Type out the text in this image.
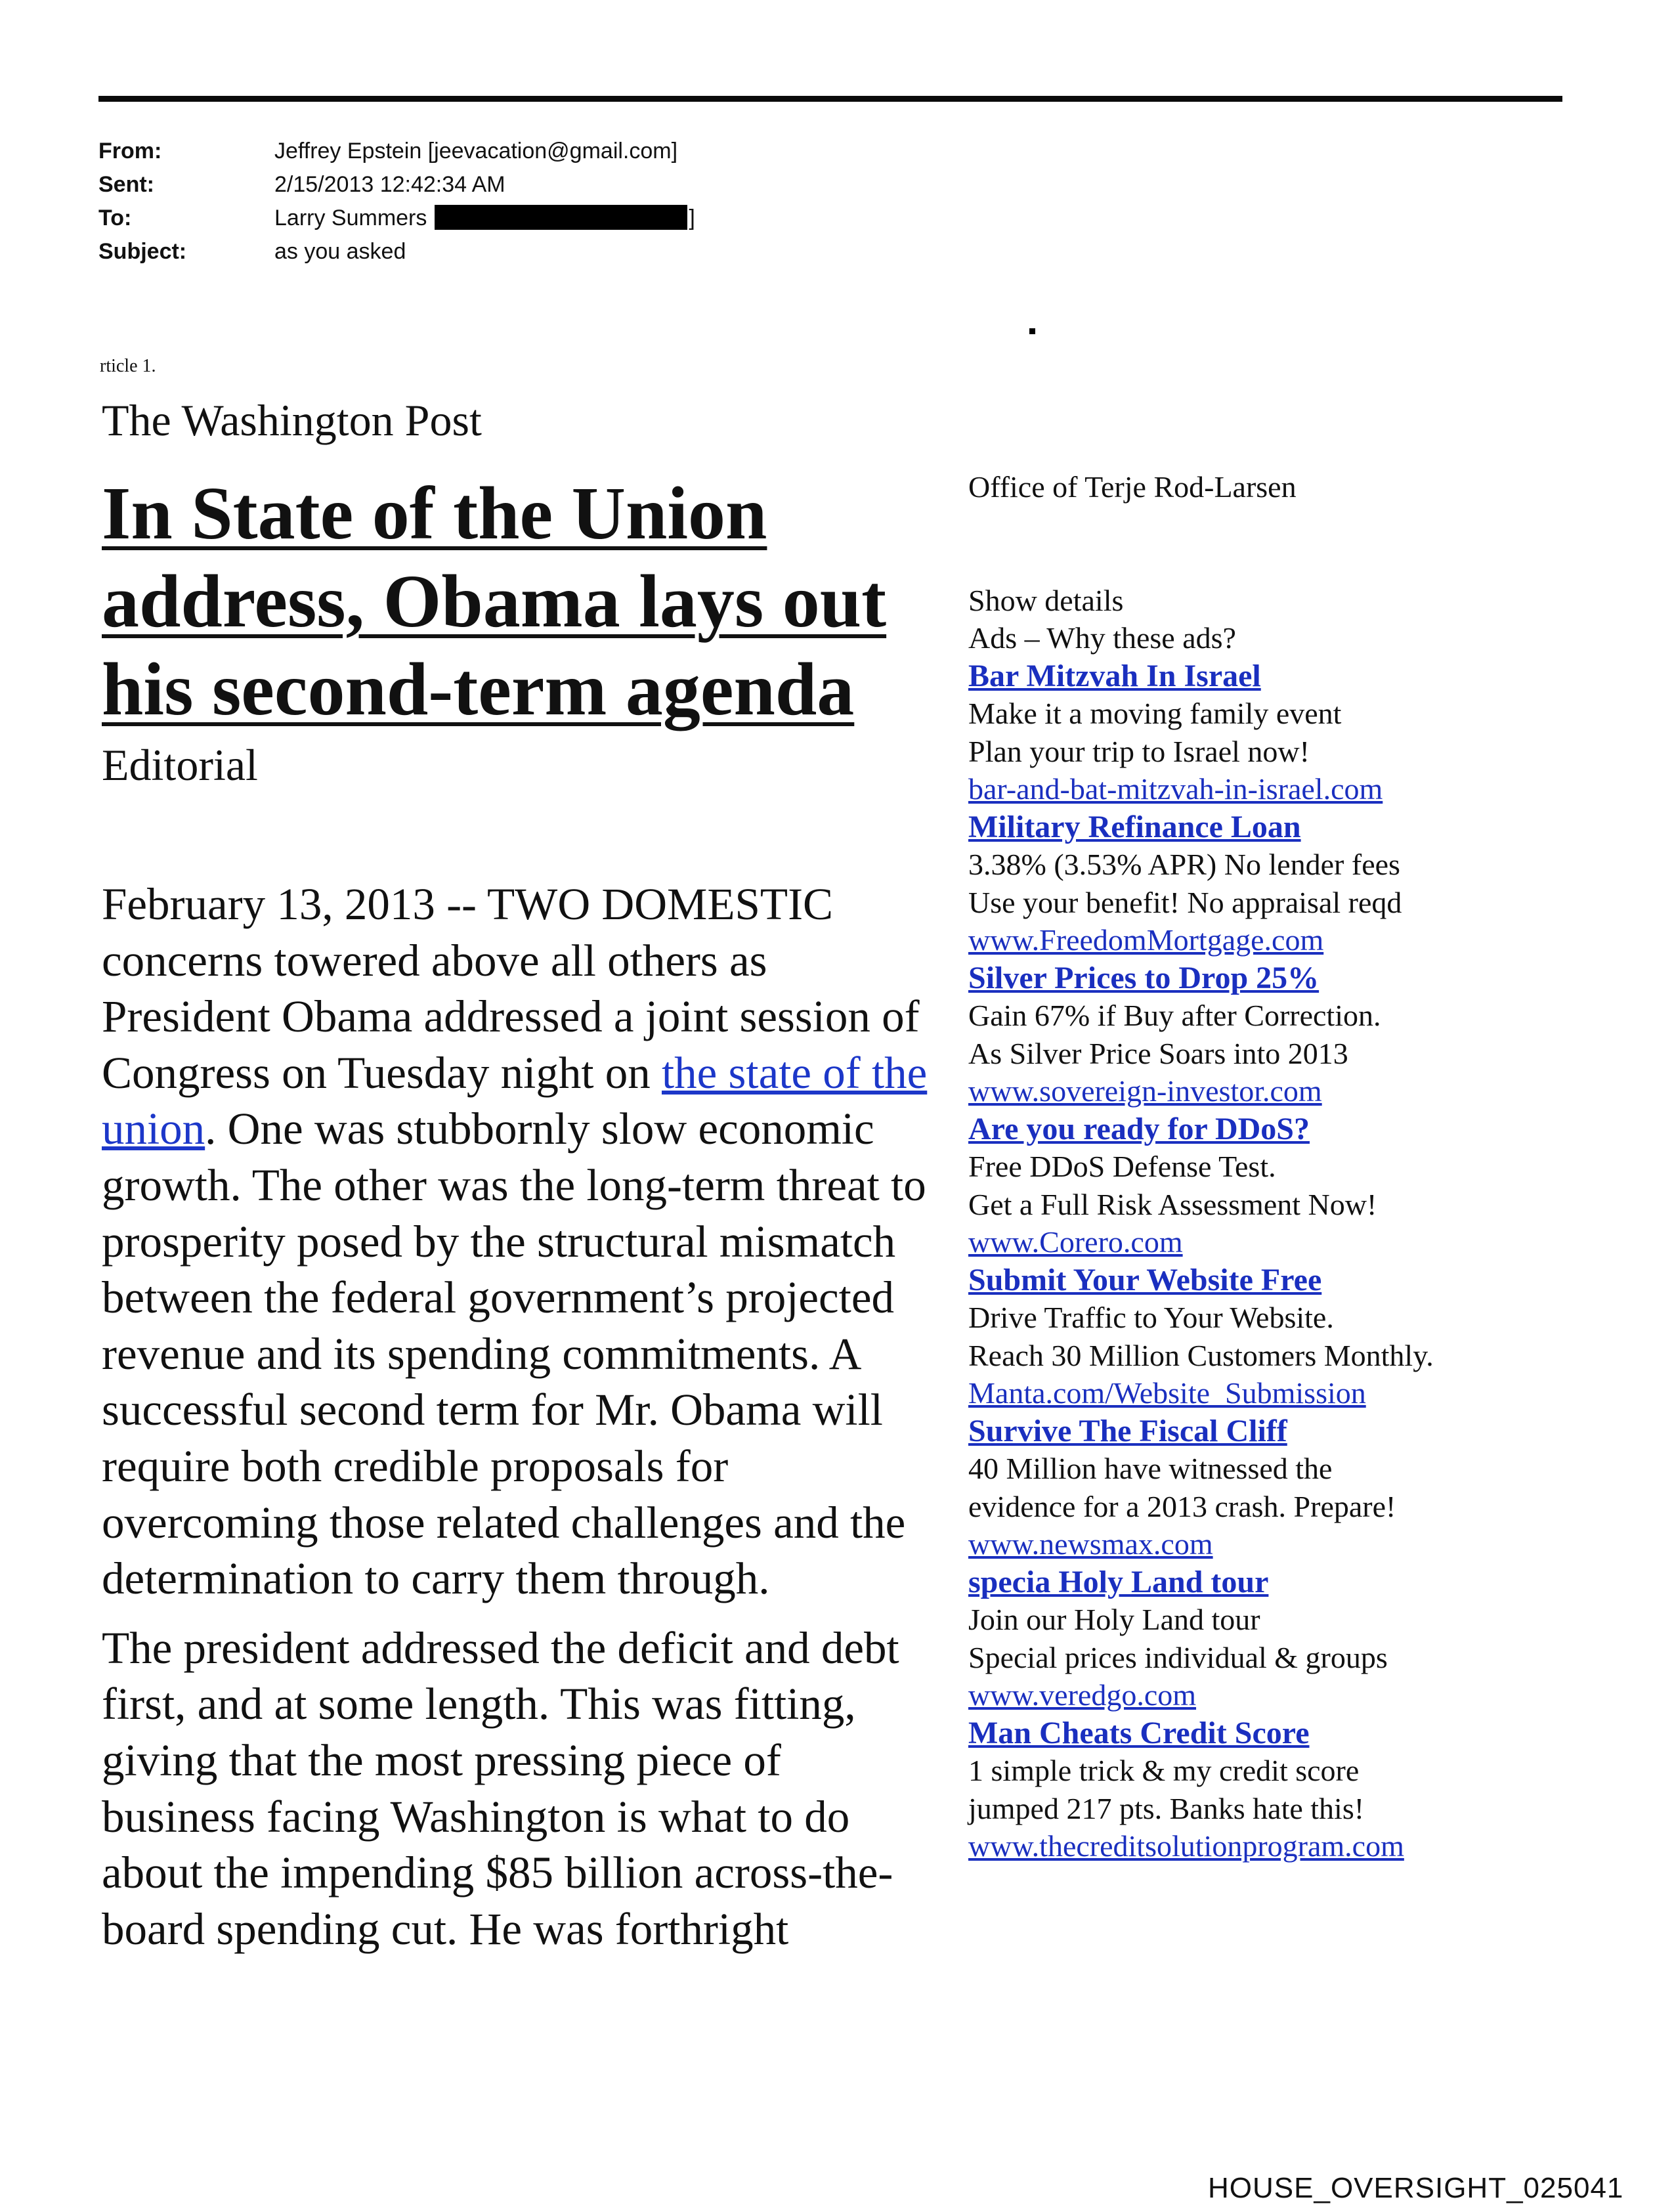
From:	Jeffrey Epstein [jeevacation@gmail.com]
Sent:	2/15/2013 12:42:34 AM
To:	Larry Summers	]
Subject:	as you asked
rticle 1.
The Washington Post
In State of the Union
address, Obama lays out
his second-term agenda
Editorial

February 13, 2013 -- TWO DOMESTIC concerns towered above all others as President Obama addressed a joint session of Congress on Tuesday night on the state of the union. One was stubbornly slow economic growth. The other was the long-term threat to prosperity posed by the structural mismatch between the federal government’s projected revenue and its spending commitments. A successful second term for Mr. Obama will require both credible proposals for overcoming those related challenges and the determination to carry them through.

The president addressed the deficit and debt first, and at some length. This was fitting, giving that the most pressing piece of business facing Washington is what to do about the impending $85 billion across-the-board spending cut. He was forthright

Office of Terje Rod-Larsen
Show details
Ads – Why these ads?
Bar Mitzvah In Israel
Make it a moving family event
Plan your trip to Israel now!
bar-and-bat-mitzvah-in-israel.com
Military Refinance Loan
3.38% (3.53% APR) No lender fees
Use your benefit! No appraisal reqd
www.FreedomMortgage.com
Silver Prices to Drop 25%
Gain 67% if Buy after Correction.
As Silver Price Soars into 2013
www.sovereign-investor.com
Are you ready for DDoS?
Free DDoS Defense Test.
Get a Full Risk Assessment Now!
www.Corero.com
Submit Your Website Free
Drive Traffic to Your Website.
Reach 30 Million Customers Monthly.
Manta.com/Website_Submission
Survive The Fiscal Cliff
40 Million have witnessed the
evidence for a 2013 crash. Prepare!
www.newsmax.com
specia Holy Land tour
Join our Holy Land tour
Special prices individual & groups
www.veredgo.com
Man Cheats Credit Score
1 simple trick & my credit score
jumped 217 pts. Banks hate this!
www.thecreditsolutionprogram.com
HOUSE_OVERSIGHT_025041
